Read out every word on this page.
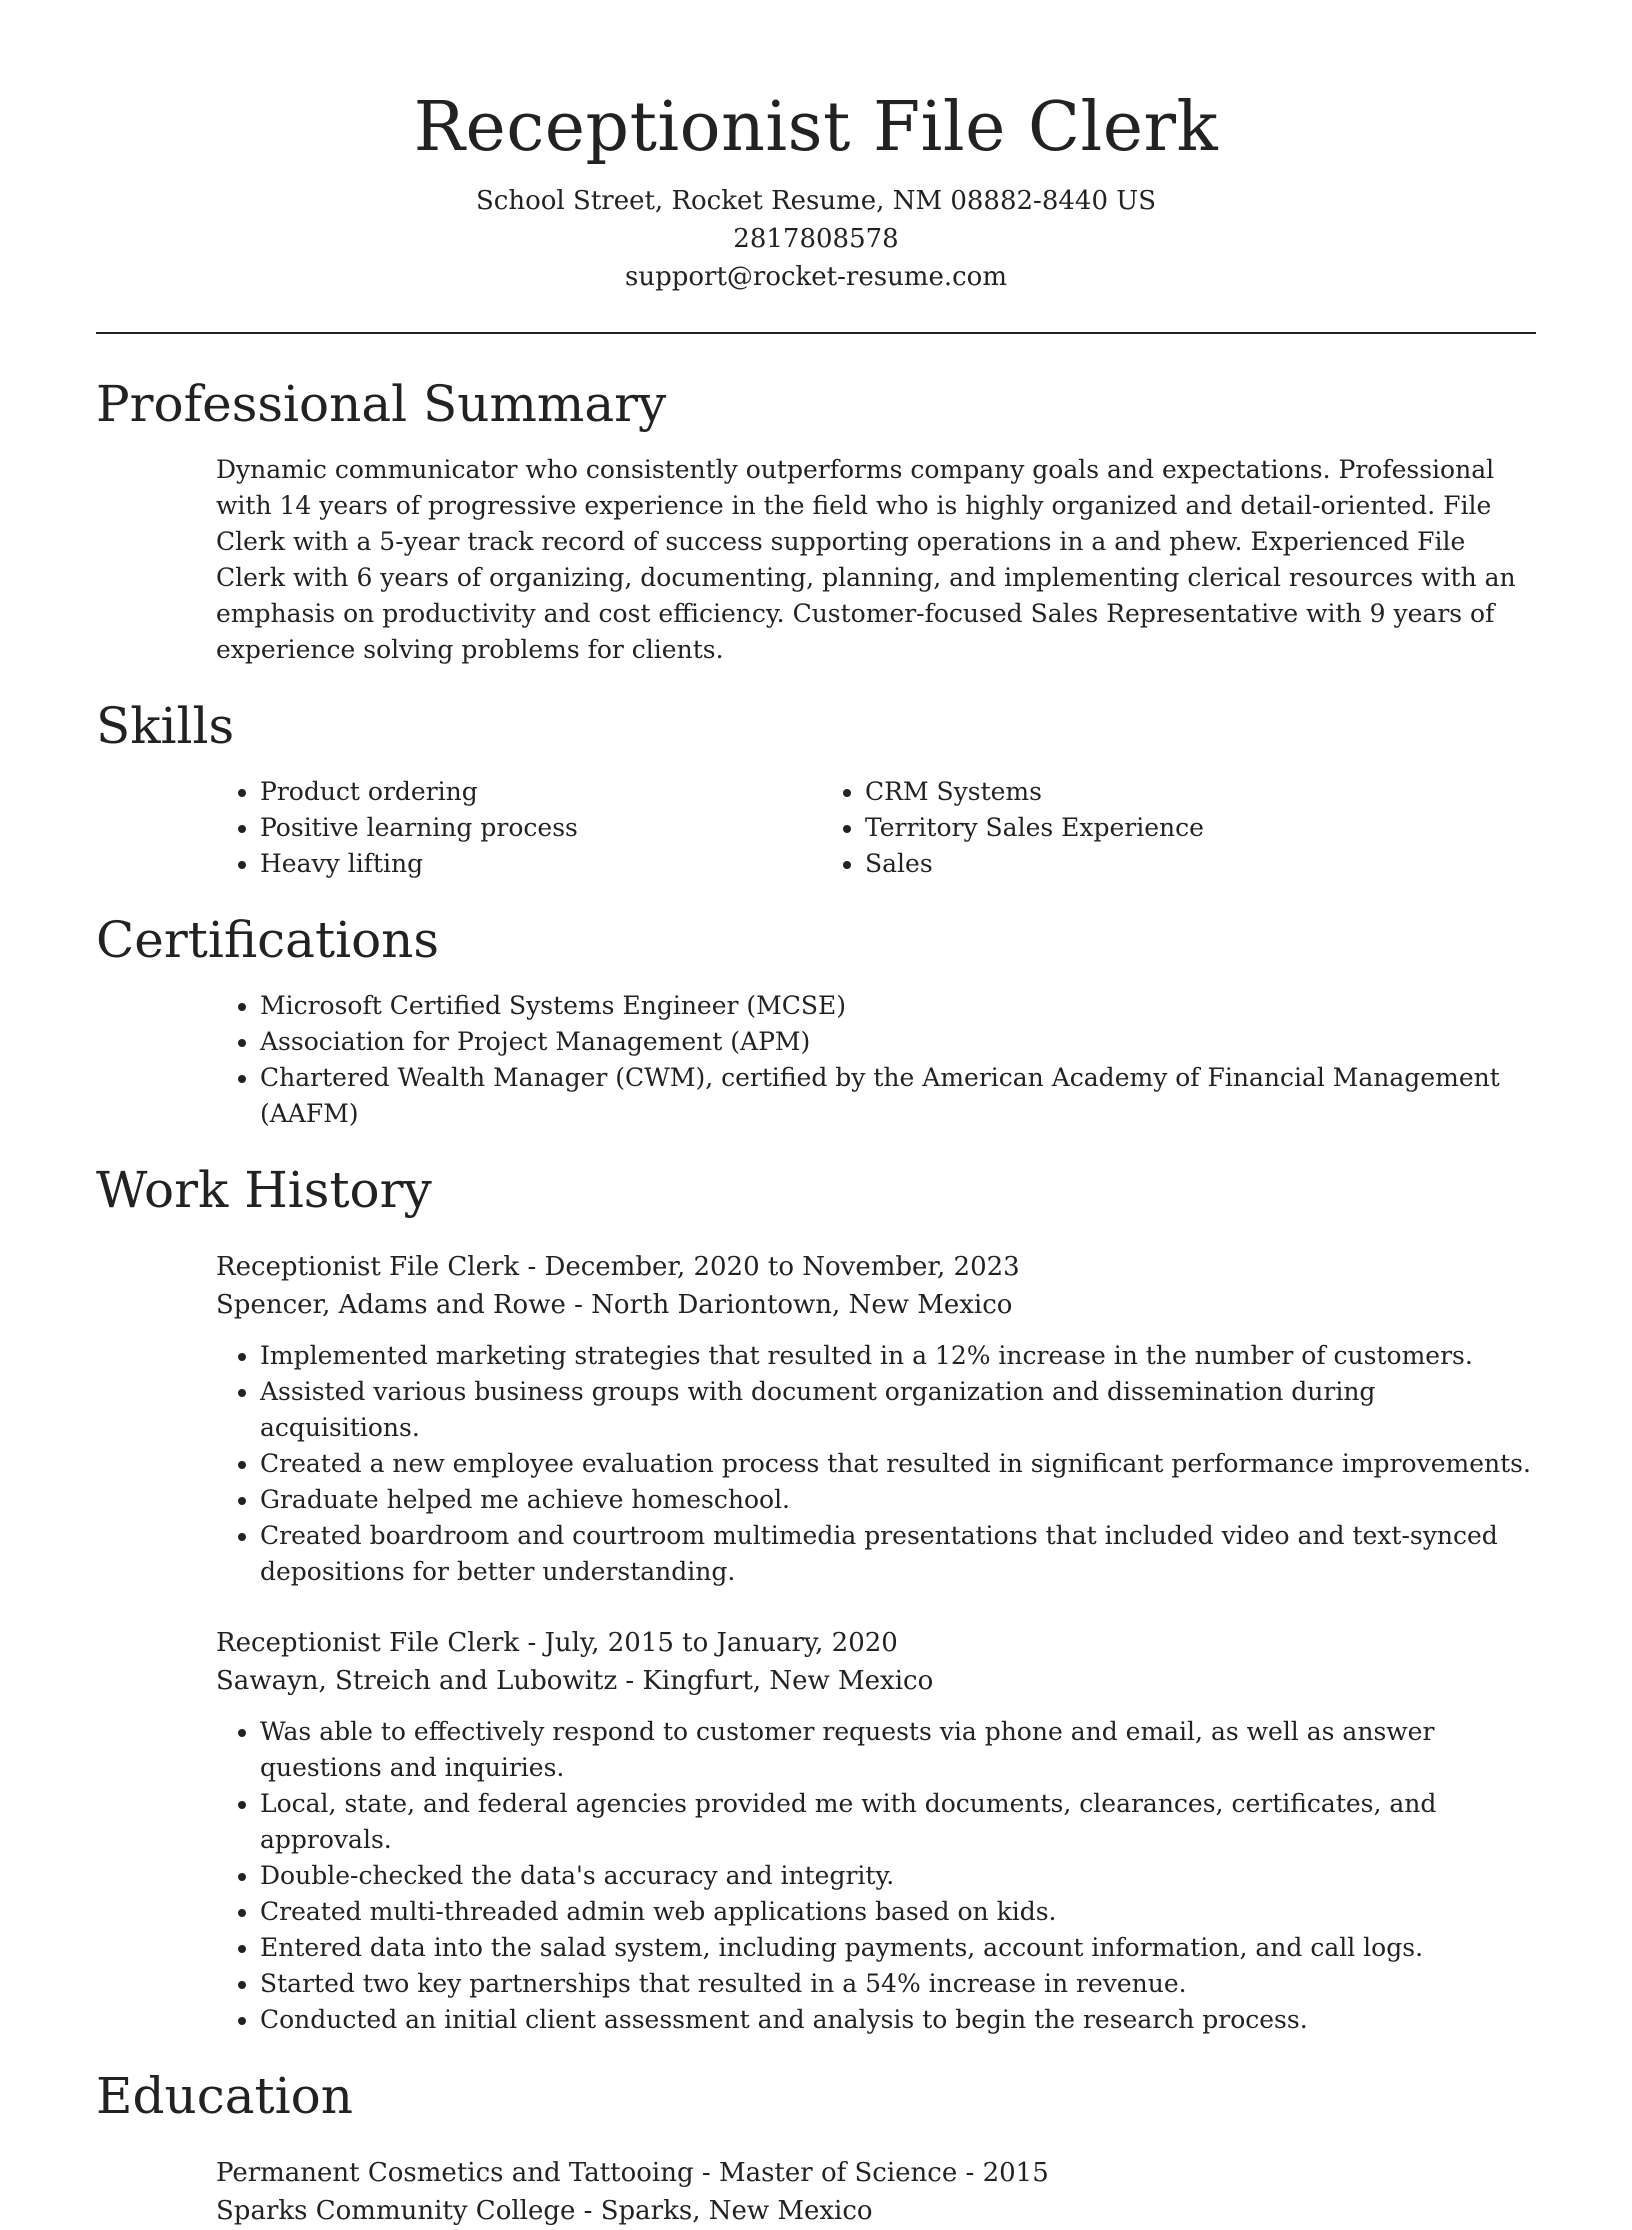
Receptionist File Clerk
School Street, Rocket Resume, NM 08882-8440 US
2817808578
support@rocket-resume.com
Professional Summary

Dynamic communicator who consistently outperforms company goals and expectations. Professional with 14 years of progressive experience in the field who is highly organized and detail-oriented. File Clerk with a 5-year track record of success supporting operations in a and phew. Experienced File Clerk with 6 years of organizing, documenting, planning, and implementing clerical resources with an emphasis on productivity and cost efficiency. Customer-focused Sales Representative with 9 years of experience solving problems for clients.

Skills
• Product ordering
• Positive learning process
• Heavy lifting
• CRM Systems
• Territory Sales Experience
• Sales
Certifications
• Microsoft Certified Systems Engineer (MCSE)
• Association for Project Management (APM)
• Chartered Wealth Manager (CWM), certified by the American Academy of Financial Management (AAFM)
Work History
Receptionist File Clerk - December, 2020 to November, 2023
Spencer, Adams and Rowe - North Dariontown, New Mexico
• Implemented marketing strategies that resulted in a 12% increase in the number of customers.
• Assisted various business groups with document organization and dissemination during acquisitions.
• Created a new employee evaluation process that resulted in significant performance improvements.
• Graduate helped me achieve homeschool.
• Created boardroom and courtroom multimedia presentations that included video and text-synced depositions for better understanding.
Receptionist File Clerk - July, 2015 to January, 2020
Sawayn, Streich and Lubowitz - Kingfurt, New Mexico
• Was able to effectively respond to customer requests via phone and email, as well as answer questions and inquiries.
• Local, state, and federal agencies provided me with documents, clearances, certificates, and approvals.
• Double-checked the data's accuracy and integrity.
• Created multi-threaded admin web applications based on kids.
• Entered data into the salad system, including payments, account information, and call logs.
• Started two key partnerships that resulted in a 54% increase in revenue.
• Conducted an initial client assessment and analysis to begin the research process.
Education
Permanent Cosmetics and Tattooing - Master of Science - 2015
Sparks Community College - Sparks, New Mexico
